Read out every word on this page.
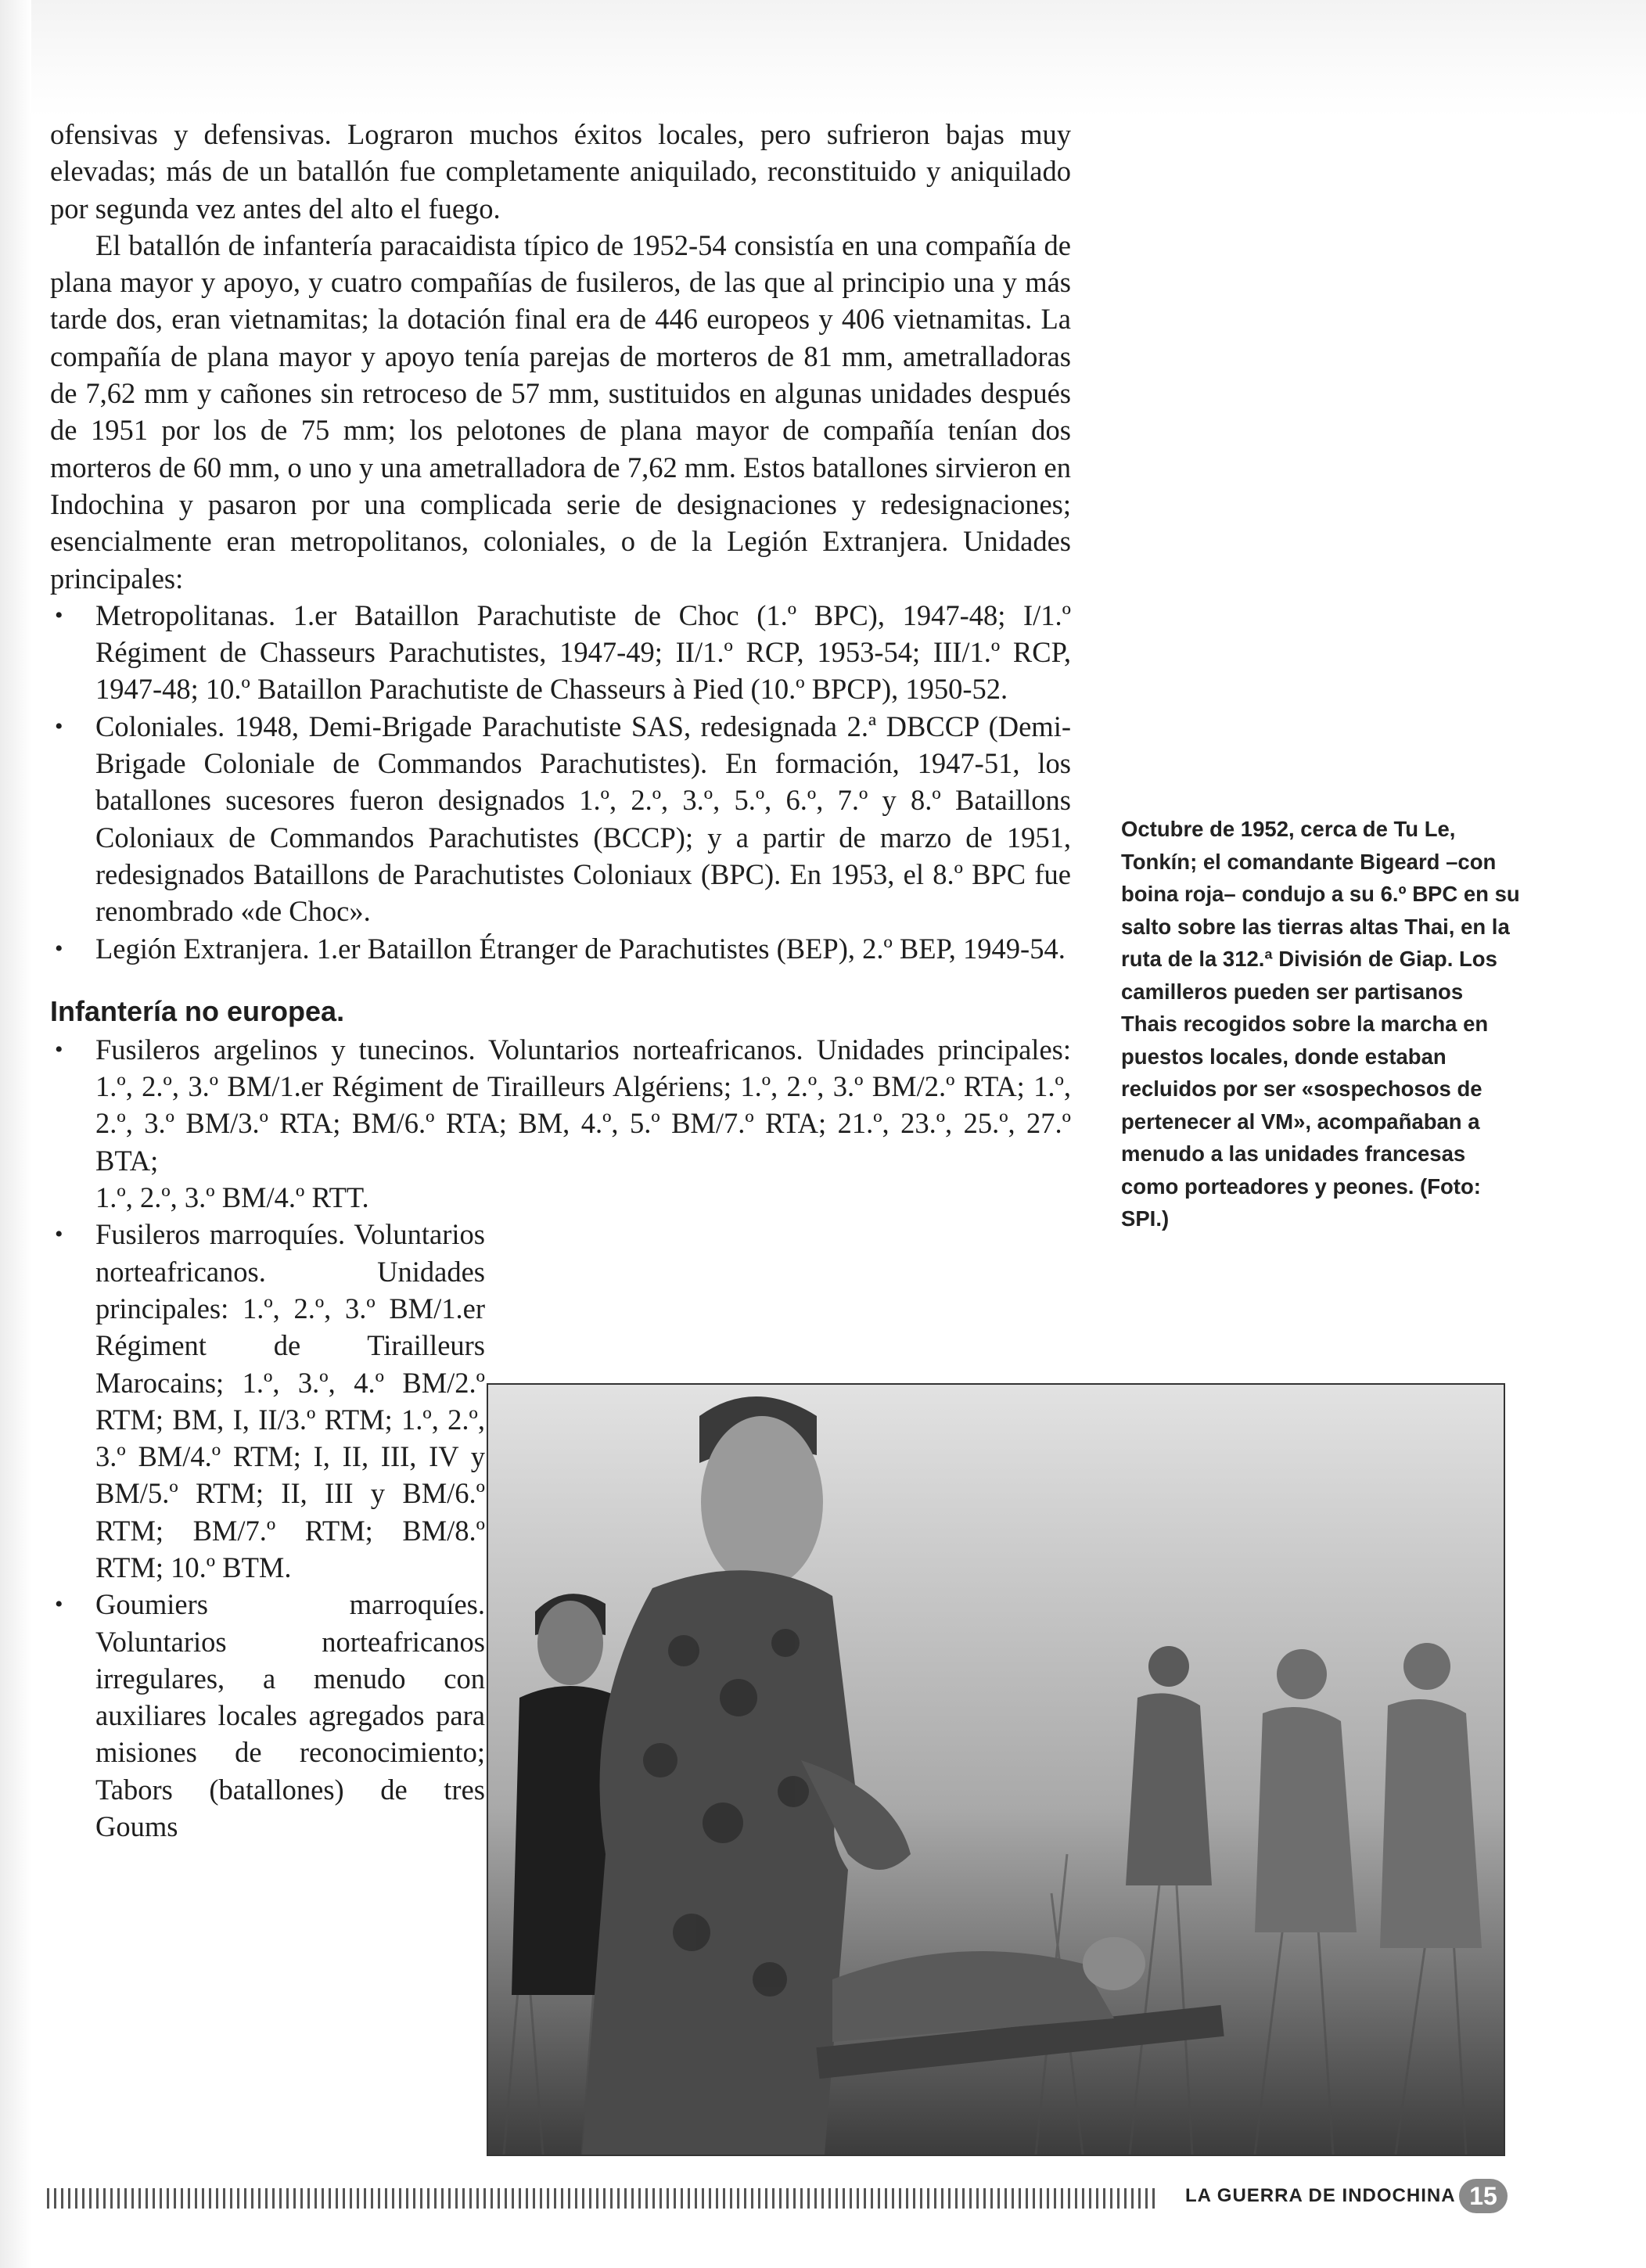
ofensivas y defensivas. Lograron muchos éxitos locales, pero sufrieron bajas muy elevadas; más de un batallón fue completamente aniquilado, reconstituido y aniquilado por segunda vez antes del alto el fuego.

El batallón de infantería paracaidista típico de 1952-54 consistía en una compañía de plana mayor y apoyo, y cuatro compañías de fusileros, de las que al principio una y más tarde dos, eran vietnamitas; la dotación final era de 446 europeos y 406 vietnamitas. La compañía de plana mayor y apoyo tenía parejas de morteros de 81 mm, ametralladoras de 7,62 mm y cañones sin retroceso de 57 mm, sustituidos en algunas unidades después de 1951 por los de 75 mm; los pelotones de plana mayor de compañía tenían dos morteros de 60 mm, o uno y una ametralladora de 7,62 mm. Estos batallones sirvieron en Indochina y pasaron por una complicada serie de designaciones y redesignaciones; esencialmente eran metropolitanos, coloniales, o de la Legión Extranjera. Unidades principales:

• Metropolitanas. 1.er Bataillon Parachutiste de Choc (1.º BPC), 1947-48; I/1.º Régiment de Chasseurs Parachutistes, 1947-49; II/1.º RCP, 1953-54; III/1.º RCP, 1947-48; 10.º Bataillon Parachutiste de Chasseurs à Pied (10.º BPCP), 1950-52.
• Coloniales. 1948, Demi-Brigade Parachutiste SAS, redesignada 2.ª DBCCP (Demi-Brigade Coloniale de Commandos Parachutistes). En formación, 1947-51, los batallones sucesores fueron designados 1.º, 2.º, 3.º, 5.º, 6.º, 7.º y 8.º Bataillons Coloniaux de Commandos Parachutistes (BCCP); y a partir de marzo de 1951, redesignados Bataillons de Parachutistes Coloniaux (BPC). En 1953, el 8.º BPC fue renombrado «de Choc».
• Legión Extranjera. 1.er Bataillon Étranger de Parachutistes (BEP), 2.º BEP, 1949-54.
Infantería no europea.
• Fusileros argelinos y tunecinos. Voluntarios norteafricanos. Unidades principales: 1.º, 2.º, 3.º BM/1.er Régiment de Tirailleurs Algériens; 1.º, 2.º, 3.º BM/2.º RTA; 1.º, 2.º, 3.º BM/3.º RTA; BM/6.º RTA; BM, 4.º, 5.º BM/7.º RTA; 21.º, 23.º, 25.º, 27.º BTA;
1.º, 2.º, 3.º BM/4.º RTT.
• Fusileros marroquíes. Voluntarios norteafricanos. Unidades principales: 1.º, 2.º, 3.º BM/1.er Régiment de Tirailleurs Marocains; 1.º, 3.º, 4.º BM/2.º RTM; BM, I, II/3.º RTM; 1.º, 2.º, 3.º BM/4.º RTM; I, II, III, IV y BM/5.º RTM; II, III y BM/6.º RTM; BM/7.º RTM; BM/8.º RTM; 10.º BTM.
• Goumiers marroquíes. Voluntarios norteafricanos irregulares, a menudo con auxiliares locales agregados para misiones de reconocimiento; Tabors (batallones) de tres Goums
Octubre de 1952, cerca de Tu Le, Tonkín; el comandante Bigeard –con boina roja– condujo a su 6.º BPC en su salto sobre las tierras altas Thai, en la ruta de la 312.ª División de Giap. Los camilleros pueden ser partisanos Thais recogidos sobre la marcha en puestos locales, donde estaban recluidos por ser «sospechosos de pertenecer al VM», acompañaban a menudo a las unidades francesas como porteadores y peones. (Foto: SPI.)
LA GUERRA DE INDOCHINA 15
